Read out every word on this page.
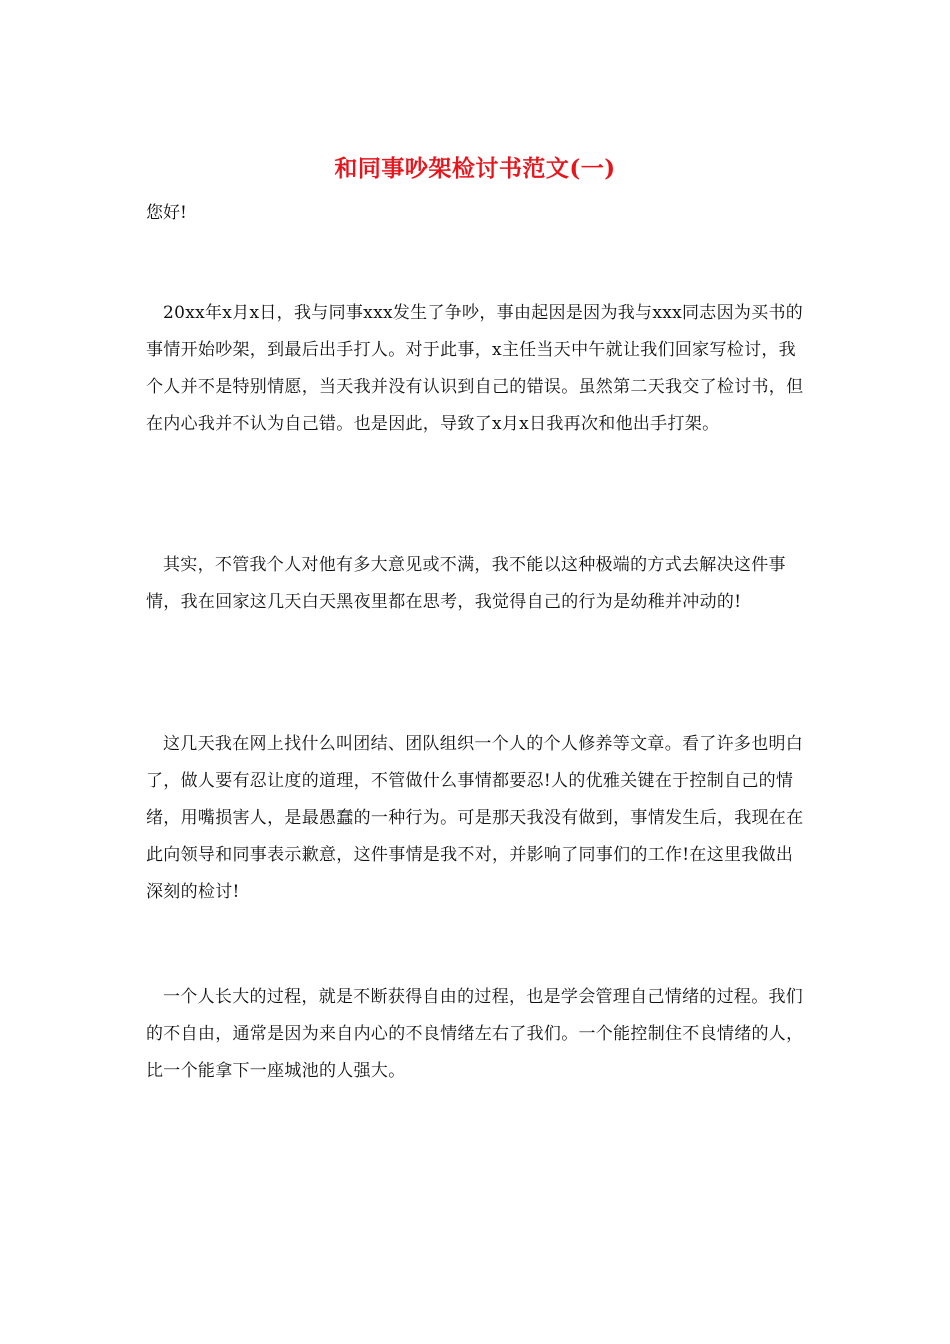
和同事吵架检讨书范文(一)

您好!

20xx年x月x日，我与同事xxx发生了争吵，事由起因是因为我与xxx同志因为买书的事情开始吵架，到最后出手打人。对于此事，x主任当天中午就让我们回家写检讨，我个人并不是特别情愿，当天我并没有认识到自己的错误。虽然第二天我交了检讨书，但在内心我并不认为自己错。也是因此，导致了x月x日我再次和他出手打架。

其实，不管我个人对他有多大意见或不满，我不能以这种极端的方式去解决这件事情，我在回家这几天白天黑夜里都在思考，我觉得自己的行为是幼稚并冲动的!

这几天我在网上找什么叫团结、团队组织一个人的个人修养等文章。看了许多也明白了，做人要有忍让度的道理，不管做什么事情都要忍!人的优雅关键在于控制自己的情绪，用嘴损害人，是最愚蠢的一种行为。可是那天我没有做到，事情发生后，我现在在此向领导和同事表示歉意，这件事情是我不对，并影响了同事们的工作!在这里我做出深刻的检讨!

一个人长大的过程，就是不断获得自由的过程，也是学会管理自己情绪的过程。我们的不自由，通常是因为来自内心的不良情绪左右了我们。一个能控制住不良情绪的人，比一个能拿下一座城池的人强大。
